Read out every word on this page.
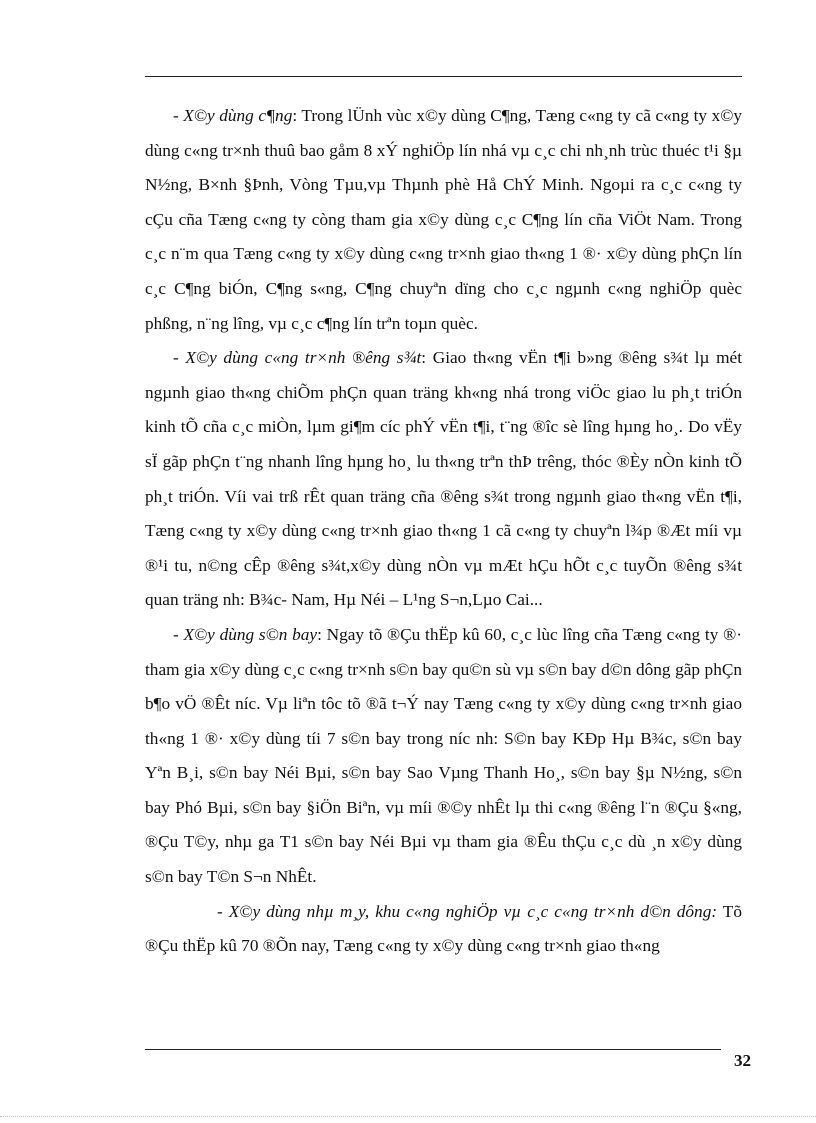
- X©y dùng c¶ng: Trong lÜnh vùc x©y dùng C¶ng, Tæng c«ng ty cã c«ng ty x©y dùng c«ng tr×nh thuû bao gåm 8 xÝ nghiÖp lín nhá vµ c¸c chi nh¸nh trùc thuéc t¹i §µ N½ng, B×nh §Þnh, Vòng Tµu,vµ Thµnh phè Hå ChÝ Minh. Ngoµi ra c¸c c«ng ty cÇu cña Tæng c«ng ty còng tham gia x©y dùng c¸c C¶ng lín cña ViÖt Nam. Trong c¸c n¨m qua Tæng c«ng ty x©y dùng c«ng tr×nh giao th«ng 1 ®· x©y dùng phÇn lín c¸c C¶ng biÓn, C¶ng s«ng, C¶ng chuyªn dïng cho c¸c ngµnh c«ng nghiÖp quèc phßng, n¨ng lîng, vµ c¸c c¶ng lín trªn toµn quèc.

- X©y dùng c«ng tr×nh ®êng s¾t: Giao th«ng vËn t¶i b»ng ®êng s¾t lµ mét ngµnh giao th«ng chiÕm phÇn quan träng kh«ng nhá trong viÖc giao lu ph¸t triÓn kinh tÕ cña c¸c miÒn, lµm gi¶m cíc phÝ vËn t¶i, t¨ng ®îc sè lîng hµng ho¸. Do vËy sÏ gãp phÇn t¨ng nhanh lîng hµng ho¸ lu th«ng trªn thÞ trêng, thóc ®Èy nÒn kinh tÕ ph¸t triÓn. Víi vai trß rÊt quan träng cña ®êng s¾t trong ngµnh giao th«ng vËn t¶i, Tæng c«ng ty x©y dùng c«ng tr×nh giao th«ng 1 cã c«ng ty chuyªn l¾p ®Æt míi vµ ®¹i tu, n©ng cÊp ®êng s¾t,x©y dùng nÒn vµ mÆt hÇu hÕt c¸c tuyÕn ®êng s¾t quan träng nh: B¾c- Nam, Hµ Néi – L¹ng S¬n,Lµo Cai...

- X©y dùng s©n bay: Ngay tõ ®Çu thËp kû 60, c¸c lùc lîng cña Tæng c«ng ty ®· tham gia x©y dùng c¸c c«ng tr×nh s©n bay qu©n sù vµ s©n bay d©n dông gãp phÇn b¶o vÖ ®Êt níc. Vµ liªn tôc tõ ®ã t¬Ý nay Tæng c«ng ty x©y dùng c«ng tr×nh giao th«ng 1 ®· x©y dùng tíi 7 s©n bay trong níc nh: S©n bay KÐp Hµ B¾c, s©n bay Yªn B¸i, s©n bay Néi Bµi, s©n bay Sao Vµng Thanh Ho¸, s©n bay §µ N½ng, s©n bay Phó Bµi, s©n bay §iÖn Biªn, vµ míi ®©y nhÊt lµ thi c«ng ®êng l¨n ®Çu §«ng, ®Çu T©y, nhµ ga T1 s©n bay Néi Bµi vµ tham gia ®Êu thÇu c¸c dù ¸n x©y dùng s©n bay T©n S¬n NhÊt.

- X©y dùng nhµ m¸y, khu c«ng nghiÖp vµ c¸c c«ng tr×nh d©n dông: Tõ ®Çu thËp kû 70 ®Õn nay, Tæng c«ng ty x©y dùng c«ng tr×nh giao th«ng

32
